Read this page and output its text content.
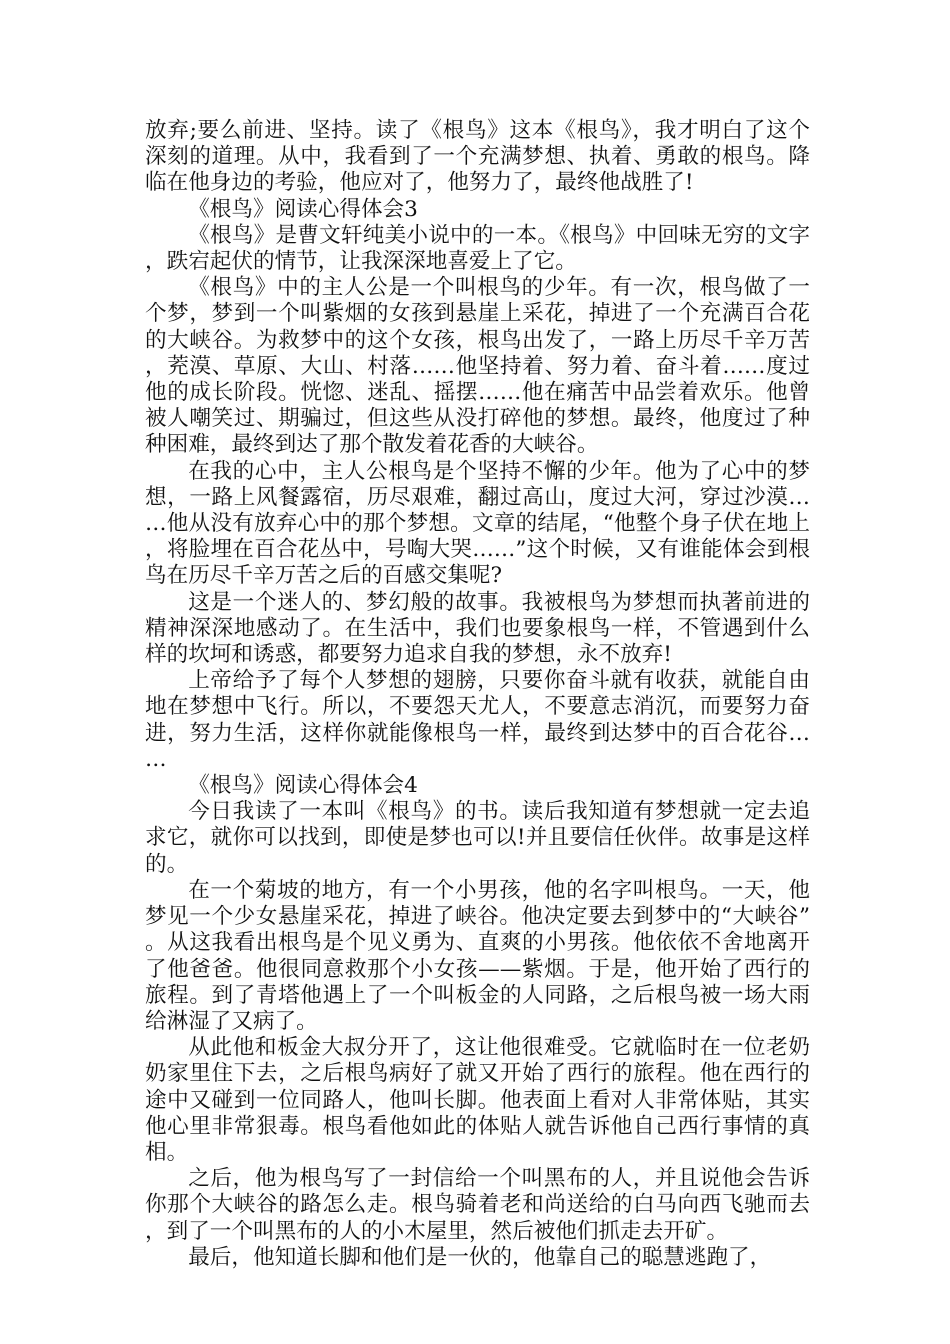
放弃;要么前进、坚持。读了《根鸟》这本《根鸟》，我才明白了这个深刻的道理。从中，我看到了一个充满梦想、执着、勇敢的根鸟。降临在他身边的考验，他应对了，他努力了，最终他战胜了!

《根鸟》阅读心得体会3

《根鸟》是曹文轩纯美小说中的一本。《根鸟》中回味无穷的文字，跌宕起伏的情节，让我深深地喜爱上了它。

《根鸟》中的主人公是一个叫根鸟的少年。有一次，根鸟做了一个梦，梦到一个叫紫烟的女孩到悬崖上采花，掉进了一个充满百合花的大峡谷。为救梦中的这个女孩，根鸟出发了，一路上历尽千辛万苦，茺漠、草原、大山、村落……他坚持着、努力着、奋斗着……度过他的成长阶段。恍惚、迷乱、摇摆……他在痛苦中品尝着欢乐。他曾被人嘲笑过、期骗过，但这些从没打碎他的梦想。最终，他度过了种种困难，最终到达了那个散发着花香的大峡谷。

在我的心中，主人公根鸟是个坚持不懈的少年。他为了心中的梦想，一路上风餐露宿，历尽艰难，翻过高山，度过大河，穿过沙漠……他从没有放弃心中的那个梦想。文章的结尾，“他整个身子伏在地上，将脸埋在百合花丛中，号啕大哭……”这个时候，又有谁能体会到根鸟在历尽千辛万苦之后的百感交集呢?

这是一个迷人的、梦幻般的故事。我被根鸟为梦想而执著前进的精神深深地感动了。在生活中，我们也要象根鸟一样，不管遇到什么样的坎坷和诱惑，都要努力追求自我的梦想，永不放弃!

上帝给予了每个人梦想的翅膀，只要你奋斗就有收获，就能自由地在梦想中飞行。所以，不要怨天尤人，不要意志消沉，而要努力奋进，努力生活，这样你就能像根鸟一样，最终到达梦中的百合花谷……

《根鸟》阅读心得体会4

今日我读了一本叫《根鸟》的书。读后我知道有梦想就一定去追求它，就你可以找到，即使是梦也可以!并且要信任伙伴。故事是这样的。

在一个菊坡的地方，有一个小男孩，他的名字叫根鸟。一天，他梦见一个少女悬崖采花，掉进了峡谷。他决定要去到梦中的“大峡谷”。从这我看出根鸟是个见义勇为、直爽的小男孩。他依依不舍地离开了他爸爸。他很同意救那个小女孩——紫烟。于是，他开始了西行的旅程。到了青塔他遇上了一个叫板金的人同路，之后根鸟被一场大雨给淋湿了又病了。

从此他和板金大叔分开了，这让他很难受。它就临时在一位老奶奶家里住下去，之后根鸟病好了就又开始了西行的旅程。他在西行的途中又碰到一位同路人，他叫长脚。他表面上看对人非常体贴，其实他心里非常狠毒。根鸟看他如此的体贴人就告诉他自己西行事情的真相。

之后，他为根鸟写了一封信给一个叫黑布的人，并且说他会告诉你那个大峡谷的路怎么走。根鸟骑着老和尚送给的白马向西飞驰而去，到了一个叫黑布的人的小木屋里，然后被他们抓走去开矿。

最后，他知道长脚和他们是一伙的，他靠自己的聪慧逃跑了，
